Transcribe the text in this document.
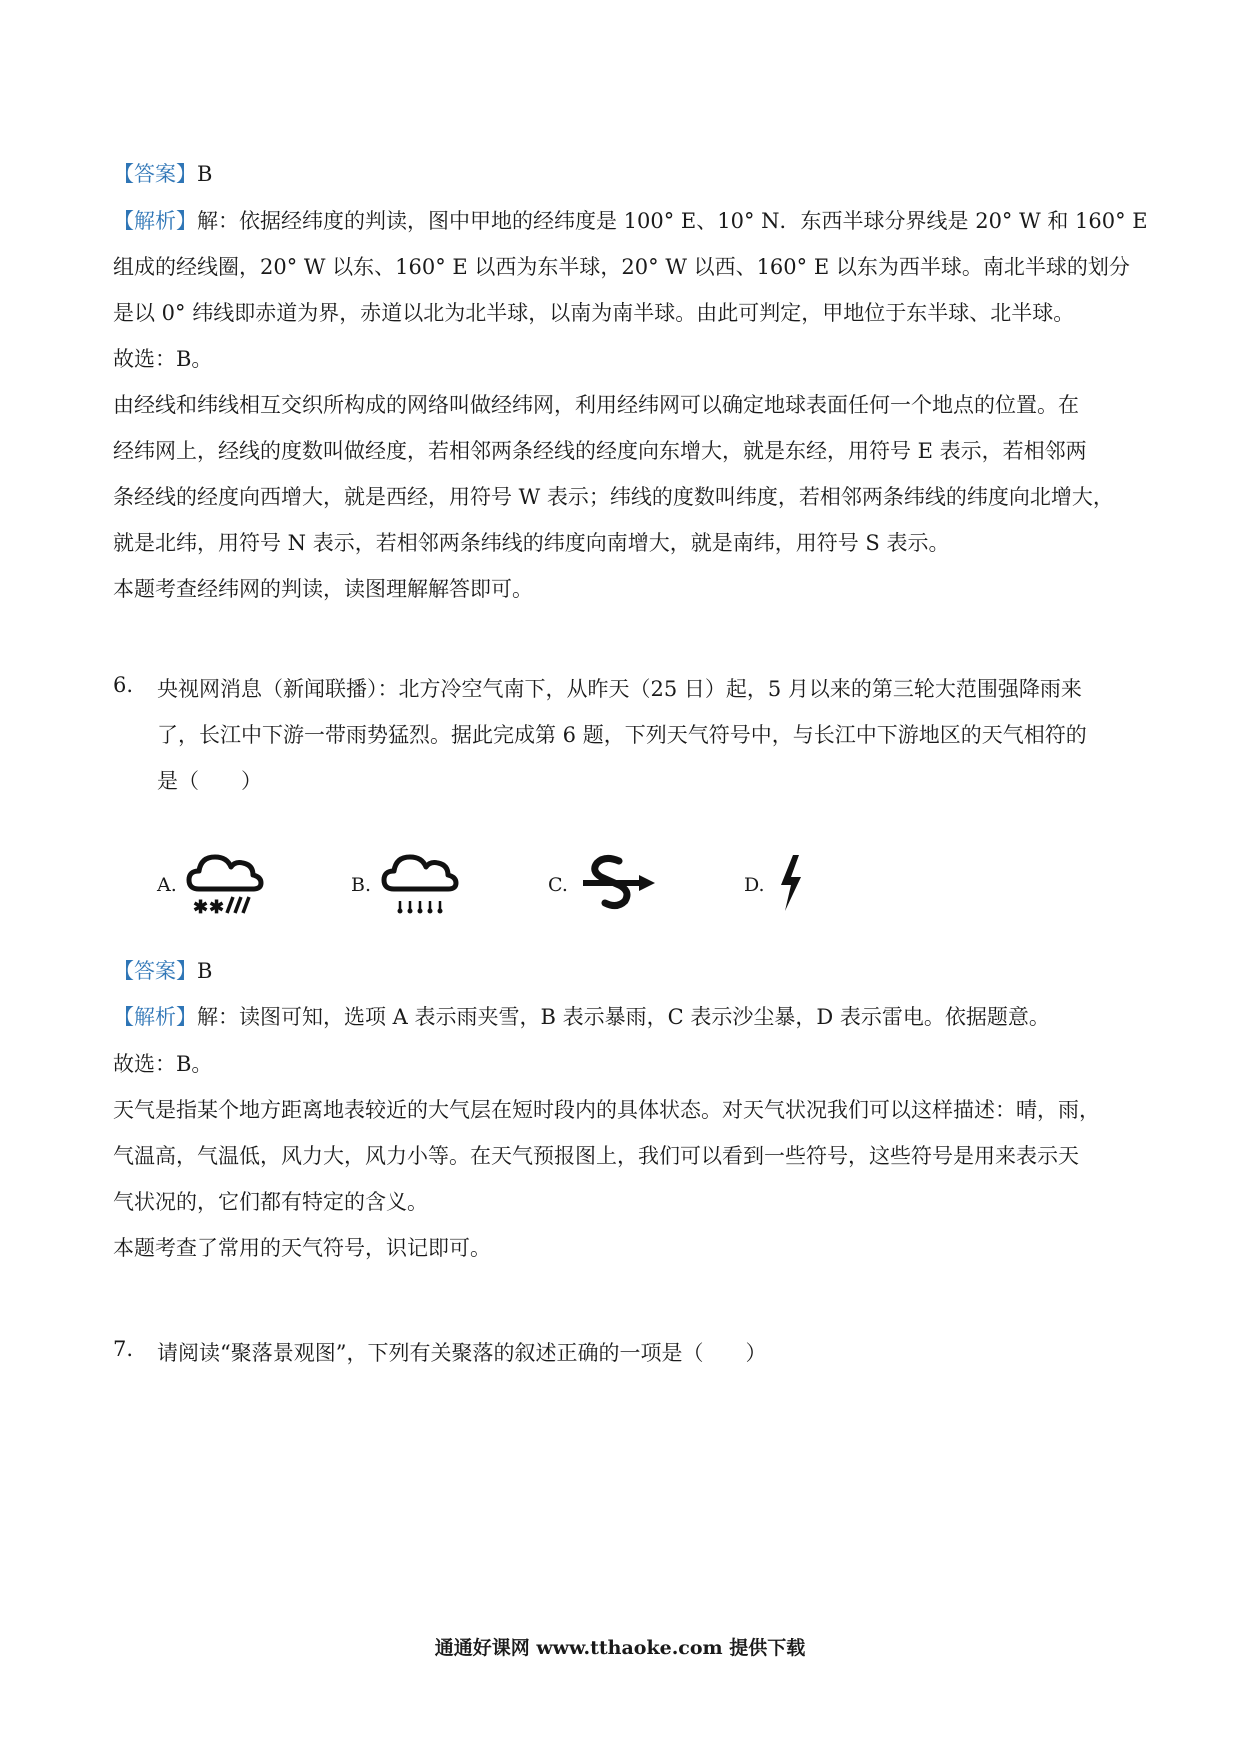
【答案】B
【解析】解：依据经纬度的判读，图中甲地的经纬度是 100° E、10° N．东西半球分界线是 20° W 和 160° E
组成的经线圈，20° W 以东、160° E 以西为东半球，20° W 以西、160° E 以东为西半球。南北半球的划分
是以 0° 纬线即赤道为界，赤道以北为北半球，以南为南半球。由此可判定，甲地位于东半球、北半球。
故选：B。
由经线和纬线相互交织所构成的网络叫做经纬网，利用经纬网可以确定地球表面任何一个地点的位置。在
经纬网上，经线的度数叫做经度，若相邻两条经线的经度向东增大，就是东经，用符号 E 表示，若相邻两
条经线的经度向西增大，就是西经，用符号 W 表示；纬线的度数叫纬度，若相邻两条纬线的纬度向北增大，
就是北纬，用符号 N 表示，若相邻两条纬线的纬度向南增大，就是南纬，用符号 S 表示。
本题考查经纬网的判读，读图理解解答即可。
6. 央视网消息（新闻联播）：北方冷空气南下，从昨天（25 日）起，5 月以来的第三轮大范围强降雨来
了，长江中下游一带雨势猛烈。据此完成第 6 题，下列天气符号中，与长江中下游地区的天气相符的
是（　　）
A.
✱ ✱
B.	C.	D.
【答案】B
【解析】解：读图可知，选项 A 表示雨夹雪，B 表示暴雨，C 表示沙尘暴，D 表示雷电。依据题意。
故选：B。
天气是指某个地方距离地表较近的大气层在短时段内的具体状态。对天气状况我们可以这样描述：晴，雨，
气温高，气温低，风力大，风力小等。在天气预报图上，我们可以看到一些符号，这些符号是用来表示天
气状况的，它们都有特定的含义。
本题考查了常用的天气符号，识记即可。
7. 请阅读“聚落景观图”，下列有关聚落的叙述正确的一项是（　　）
通通好课网 www.tthaoke.com 提供下载
